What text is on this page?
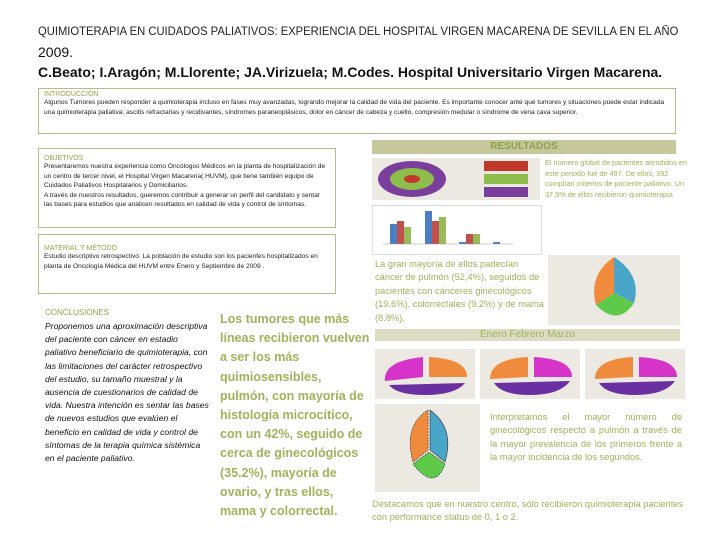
QUIMIOTERAPIA EN CUIDADOS PALIATIVOS: EXPERIENCIA DEL HOSPITAL VIRGEN MACARENA DE SEVILLA EN EL AÑO
2009.
C.Beato; I.Aragón; M.Llorente; JA.Virizuela; M.Codes. Hospital Universitario Virgen Macarena.
INTRODUCCIÓN
Algunos Tumores pueden responder a quimioterapia incluso en fases muy avanzadas, logrando mejorar la calidad de vida del paciente. Es importante conocer ante qué tumores y situaciones puede estar indicada una quimioterapia paliativa: ascitis refractarias y recidivantes, síndromes paraneoplásicos, dolor en cáncer de cabeza y cuello, compresión medular o síndrome de vena cava superior.
OBJETIVOS
Presentaremos nuestra experiencia como Oncólogos Médicos en la planta de hospitalización de un centro de tercer nivel, el Hospital Virgen Macarena( HUVM), que tiene también equipo de Cuidados Paliativos Hospitalarios y Domiciliarios.
A través de nuestros resultados, queremos contribuir a generar un perfil del candidato y sentar las bases para estudios que analicen resultados en calidad de vida y control de síntomas.
MATERIAL Y MÉTODO
Estudio descriptivo retrospectivo. La población de estudio son los pacientes hospitalizados en planta de Oncología Médica del HUVM entre Enero y Septiembre de 2009 .
CONCLUSIONES
Proponemos una aproximación descriptiva del paciente con cáncer en estadio paliativo beneficiario de quimioterapia, con las limitaciones del carácter retrospectivo del estudio, su tamaño muestral y la ausencia de cuestionarios de calidad de vida. Nuestra intención es sentar las bases de nuevos estudios que evalúen el beneficio en calidad de vida y control de síntomas de la terapia química sistémica en el paciente paliativo.
Los tumores que más líneas recibieron vuelven a ser los más quimiosensibles, pulmón, con mayoría de histología microcítico, con un 42%, seguido de cerca de ginecológicos (35.2%), mayoría de ovario, y tras ellos, mama y colorrectal.
RESULTADOS
El número global de pacientes atendidos en este periodo fue de 497. De ellos, 392 cumplían criterios de paciente paliativo. Un 37.5% de ellos recibieron quimioterapia
La gran mayoría de ellos padecían cáncer de pulmón (52,4%), seguidos de pacientes con cánceres ginécológicos (19.6%), colorrectales (9.2%) y de mama (8.8%).
Enero Febrero Marzo
Interpretamos el mayor número de ginecológicos respecto a pulmón a través de la mayor prevalencia de los primeros frente a la mayor incidencia de los segundos.
Destacamos que en nuestro centro, sólo recibieron quimioterapia pacientes con performance status de 0, 1 o 2.
